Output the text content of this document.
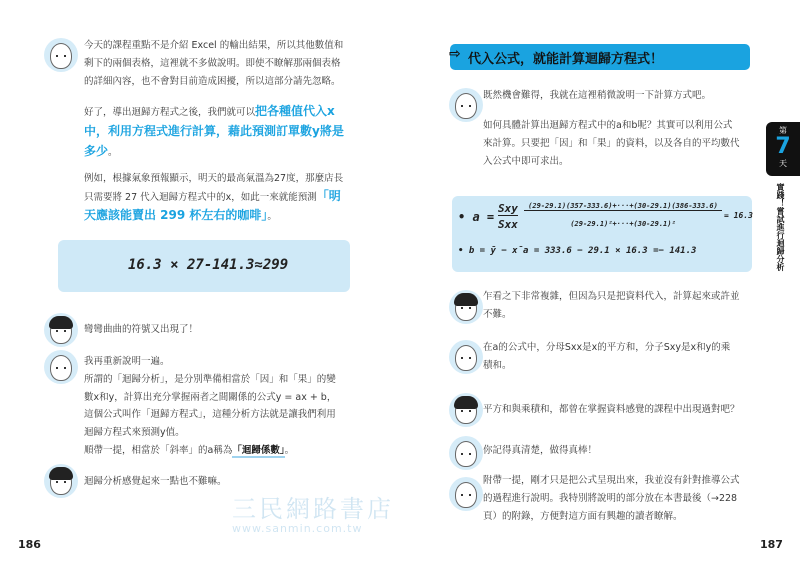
今天的課程重點不是介紹 Excel 的輸出結果，所以其他數值和
剩下的兩個表格，這裡就不多做說明。即使不瞭解那兩個表格
的詳細內容，也不會對目前造成困擾，所以這部分請先忽略。
好了，導出迴歸方程式之後，我們就可以把各種值代入x
中，利用方程式進行計算，藉此預測訂單數y將是
多少。
例如，根據氣象預報顯示，明天的最高氣溫為27度，那麼店長
只需要將 27 代入迴歸方程式中的x，如此一來就能預測「明
天應該能賣出 299 杯左右的咖啡」。
16.3 × 27-141.3≈299
彎彎曲曲的符號又出現了！
我再重新說明一遍。
所謂的「迴歸分析」，是分別準備相當於「因」和「果」的變
數x和y，計算出充分掌握兩者之間關係的公式y = ax + b，
這個公式叫作「迴歸方程式」，這種分析方法就是讓我們利用
迴歸方程式來預測y值。
順帶一提，相當於「斜率」的a稱為「迴歸係數」。
迴歸分析感覺起來一點也不難嘛。
三民網路書店
www.sanmin.com.tw
186
⇨ 代入公式，就能計算迴歸方程式！
既然機會難得，我就在這裡稍微說明一下計算方式吧。
如何具體計算出迴歸方程式中的a和b呢？其實可以利用公式
來計算。只要把「因」和「果」的資料，以及各自的平均數代
入公式中即可求出。
• a =
Sxy
Sxx
(29-29.1)(357-333.6)+···+(30-29.1)(386-333.6)
(29-29.1)²+···+(30-29.1)²
= 16.3
• b = ȳ − x̄a = 333.6 − 29.1 × 16.3 =− 141.3
乍看之下非常複雜，但因為只是把資料代入，計算起來或許並
不難。
在a的公式中，分母Sxx是x的平方和，分子Sxy是x和y的乘
積和。
平方和與乘積和，都曾在掌握資料感覺的課程中出現過對吧？
你記得真清楚，做得真棒！
附帶一提，剛才只是把公式呈現出來，我並沒有針對推導公式
的過程進行說明。我特別將說明的部分放在本書最後（→228
頁）的附錄，方便對這方面有興趣的讀者瞭解。
第
7
天
實踐！嘗試進行迴歸分析
187
